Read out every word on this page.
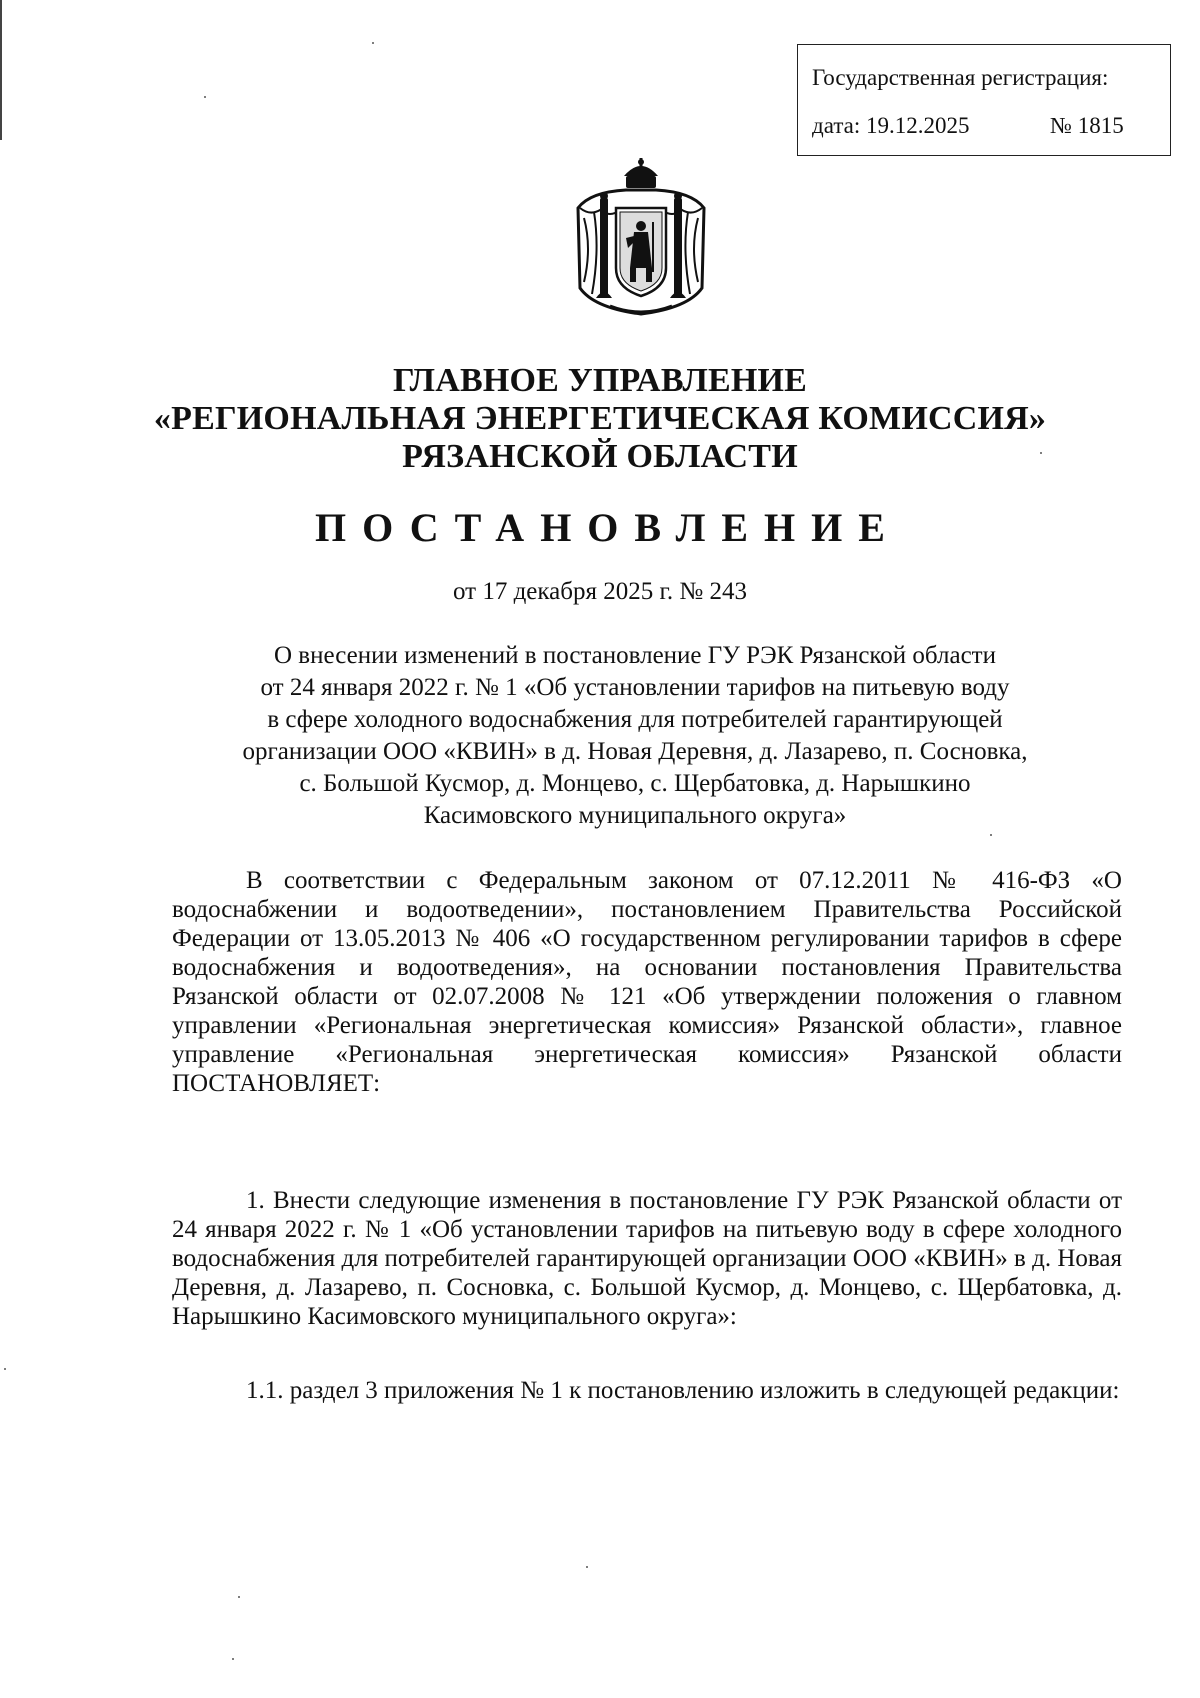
Государственная регистрация:
дата: 19.12.2025	№ 1815
ГЛАВНОЕ УПРАВЛЕНИЕ
«РЕГИОНАЛЬНАЯ ЭНЕРГЕТИЧЕСКАЯ КОМИССИЯ»
РЯЗАНСКОЙ ОБЛАСТИ
ПОСТАНОВЛЕНИЕ
от 17 декабря 2025 г. № 243
О внесении изменений в постановление ГУ РЭК Рязанской области
от 24 января 2022 г. № 1 «Об установлении тарифов на питьевую воду
в сфере холодного водоснабжения для потребителей гарантирующей
организации ООО «КВИН» в д. Новая Деревня, д. Лазарево, п. Сосновка,
с. Большой Кусмор, д. Монцево, с. Щербатовка, д. Нарышкино
Касимовского муниципального округа»
В соответствии с Федеральным законом от 07.12.2011 № 416-ФЗ «О водоснабжении и водоотведении», постановлением Правительства Российской Федерации от 13.05.2013 № 406 «О государственном регулировании тарифов в сфере водоснабжения и водоотведения», на основании постановления Правительства Рязанской области от 02.07.2008 № 121 «Об утверждении положения о главном управлении «Региональная энергетическая комиссия» Рязанской области», главное управление «Региональная энергетическая комиссия» Рязанской области ПОСТАНОВЛЯЕТ:
1. Внести следующие изменения в постановление ГУ РЭК Рязанской области от 24 января 2022 г. № 1 «Об установлении тарифов на питьевую воду в сфере холодного водоснабжения для потребителей гарантирующей организации ООО «КВИН» в д. Новая Деревня, д. Лазарево, п. Сосновка, с. Большой Кусмор, д. Монцево, с. Щербатовка, д. Нарышкино Касимовского муниципального округа»:
1.1. раздел 3 приложения № 1 к постановлению изложить в следующей редакции:
